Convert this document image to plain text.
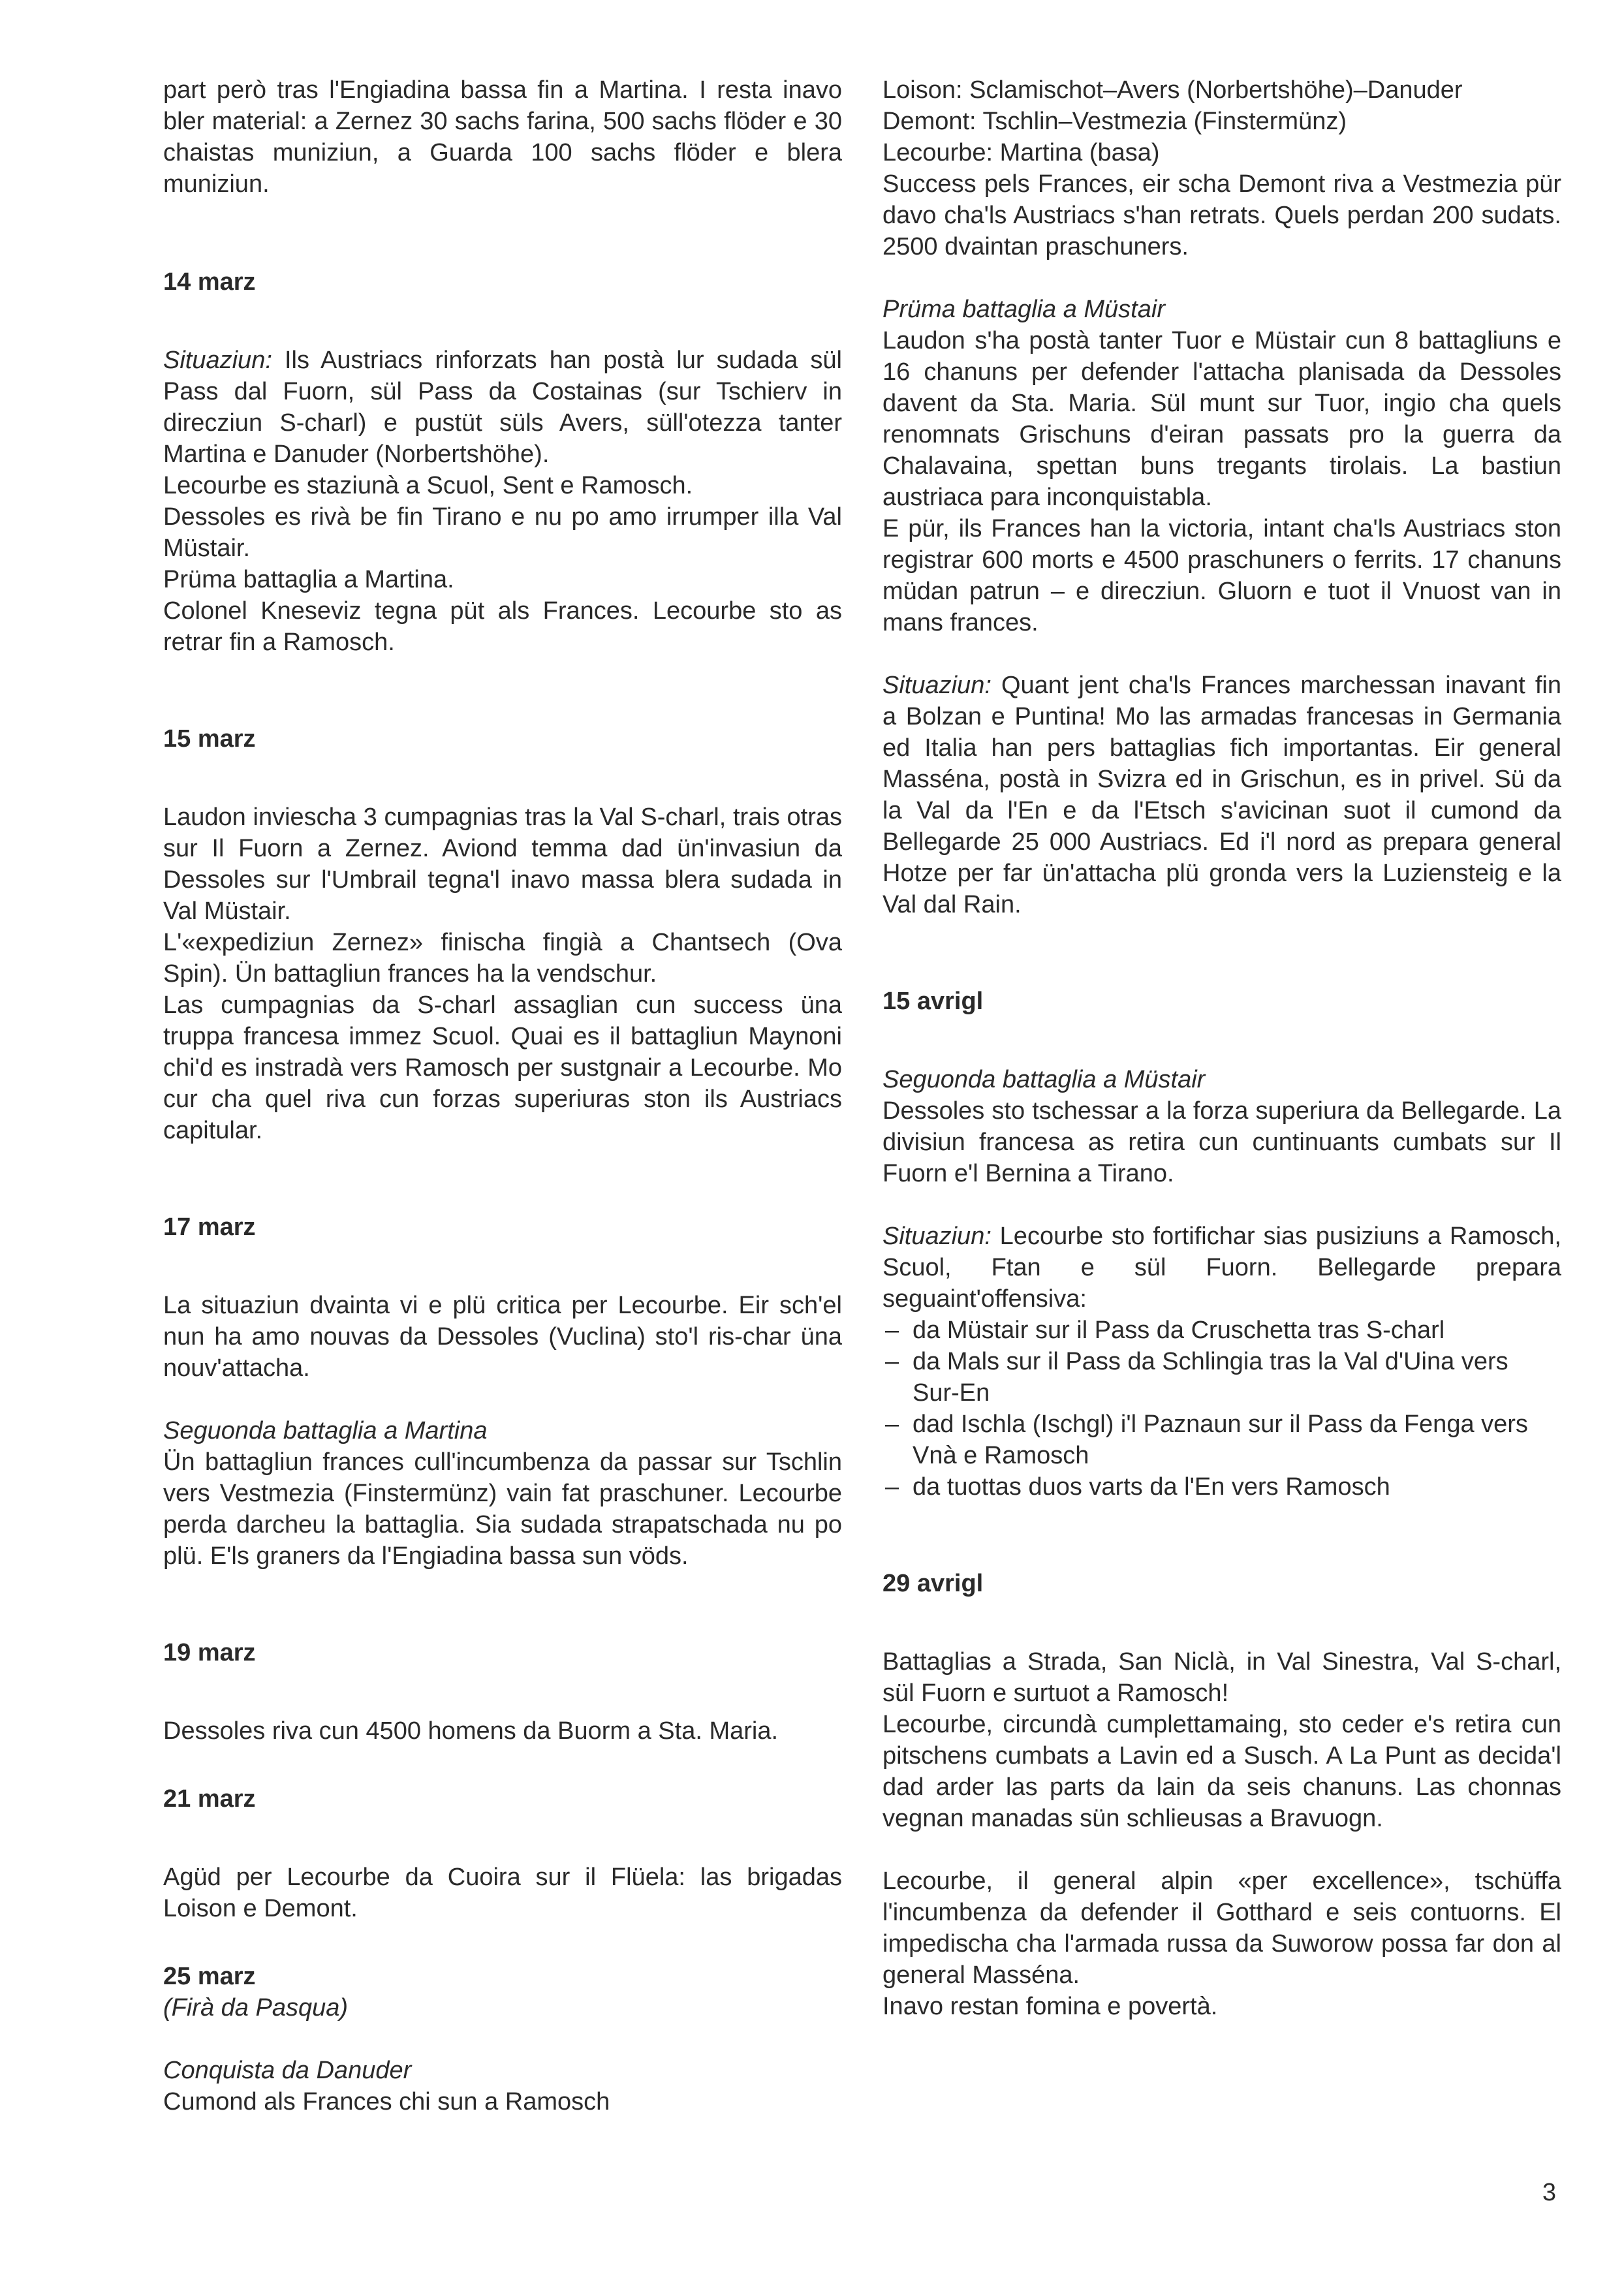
part però tras l'Engiadina bassa fin a Martina. I resta inavo bler material: a Zernez 30 sachs farina, 500 sachs flöder e 30 chaistas muniziun, a Guarda 100 sachs flöder e blera muniziun.

14 marz

Situaziun: Ils Austriacs rinforzats han postà lur sudada sül Pass dal Fuorn, sül Pass da Costainas (sur Tschierv in direcziun S-charl) e pustüt süls Avers, süll'otezza tanter Martina e Danuder (Norbertshöhe).

Lecourbe es staziunà a Scuol, Sent e Ramosch.

Dessoles es rivà be fin Tirano e nu po amo irrumper illa Val Müstair.

Prüma battaglia a Martina.

Colonel Kneseviz tegna püt als Frances. Lecourbe sto as retrar fin a Ramosch.

15 marz

Laudon inviescha 3 cumpagnias tras la Val S-charl, trais otras sur Il Fuorn a Zernez. Aviond temma dad ün'invasiun da Dessoles sur l'Umbrail tegna'l inavo massa blera sudada in Val Müstair.

L'«expediziun Zernez» finischa fingià a Chantsech (Ova Spin). Ün battagliun frances ha la vendschur.

Las cumpagnias da S-charl assaglian cun success üna truppa francesa immez Scuol. Quai es il battagliun Maynoni chi'd es instradà vers Ramosch per sustgnair a Lecourbe. Mo cur cha quel riva cun forzas superiuras ston ils Austriacs capitular.

17 marz

La situaziun dvainta vi e plü critica per Lecourbe. Eir sch'el nun ha amo nouvas da Dessoles (Vuclina) sto'l ris-char üna nouv'attacha.

Seguonda battaglia a Martina

Ün battagliun frances cull'incumbenza da passar sur Tschlin vers Vestmezia (Finstermünz) vain fat praschuner. Lecourbe perda darcheu la battaglia. Sia sudada strapatschada nu po plü. E'ls graners da l'Engiadina bassa sun vöds.

19 marz

Dessoles riva cun 4500 homens da Buorm a Sta. Maria.

21 marz

Agüd per Lecourbe da Cuoira sur il Flüela: las brigadas Loison e Demont.

25 marz

(Firà da Pasqua)

Conquista da Danuder

Cumond als Frances chi sun a Ramosch

Loison: Sclamischot–Avers (Norbertshöhe)–Danuder

Demont: Tschlin–Vestmezia (Finstermünz)

Lecourbe: Martina (basa)

Success pels Frances, eir scha Demont riva a Vestmezia pür davo cha'ls Austriacs s'han retrats. Quels perdan 200 sudats. 2500 dvaintan praschuners.

Prüma battaglia a Müstair

Laudon s'ha postà tanter Tuor e Müstair cun 8 battagliuns e 16 chanuns per defender l'attacha planisada da Dessoles davent da Sta. Maria. Sül munt sur Tuor, ingio cha quels renomnats Grischuns d'eiran passats pro la guerra da Chalavaina, spettan buns tregants tirolais. La bastiun austriaca para inconquistabla.

E pür, ils Frances han la victoria, intant cha'ls Austriacs ston registrar 600 morts e 4500 praschuners o ferrits. 17 chanuns müdan patrun – e direcziun. Gluorn e tuot il Vnuost van in mans frances.

Situaziun: Quant jent cha'ls Frances marchessan inavant fin a Bolzan e Puntina! Mo las armadas francesas in Germania ed Italia han pers battaglias fich importantas. Eir general Masséna, postà in Svizra ed in Grischun, es in privel. Sü da la Val da l'En e da l'Etsch s'avicinan suot il cumond da Bellegarde 25 000 Austriacs. Ed i'l nord as prepara general Hotze per far ün'attacha plü gronda vers la Luziensteig e la Val dal Rain.

15 avrigl

Seguonda battaglia a Müstair

Dessoles sto tschessar a la forza superiura da Bellegarde. La divisiun francesa as retira cun cuntinuants cumbats sur Il Fuorn e'l Bernina a Tirano.

Situaziun: Lecourbe sto fortifichar sias pusiziuns a Ramosch, Scuol, Ftan e sül Fuorn. Bellegarde prepara seguaint'offensiva:

– da Müstair sur il Pass da Cruschetta tras S-charl
– da Mals sur il Pass da Schlingia tras la Val d'Uina vers Sur-En
– dad Ischla (Ischgl) i'l Paznaun sur il Pass da Fenga vers Vnà e Ramosch
– da tuottas duos varts da l'En vers Ramosch

29 avrigl

Battaglias a Strada, San Niclà, in Val Sinestra, Val S-charl, sül Fuorn e surtuot a Ramosch!

Lecourbe, circundà cumplettamaing, sto ceder e's retira cun pitschens cumbats a Lavin ed a Susch. A La Punt as decida'l dad arder las parts da lain da seis chanuns. Las chonnas vegnan manadas sün schlieusas a Bravuogn.

Lecourbe, il general alpin «per excellence», tschüffa l'incumbenza da defender il Gotthard e seis contuorns. El impedischa cha l'armada russa da Suworow possa far don al general Masséna.

Inavo restan fomina e povertà.

3
